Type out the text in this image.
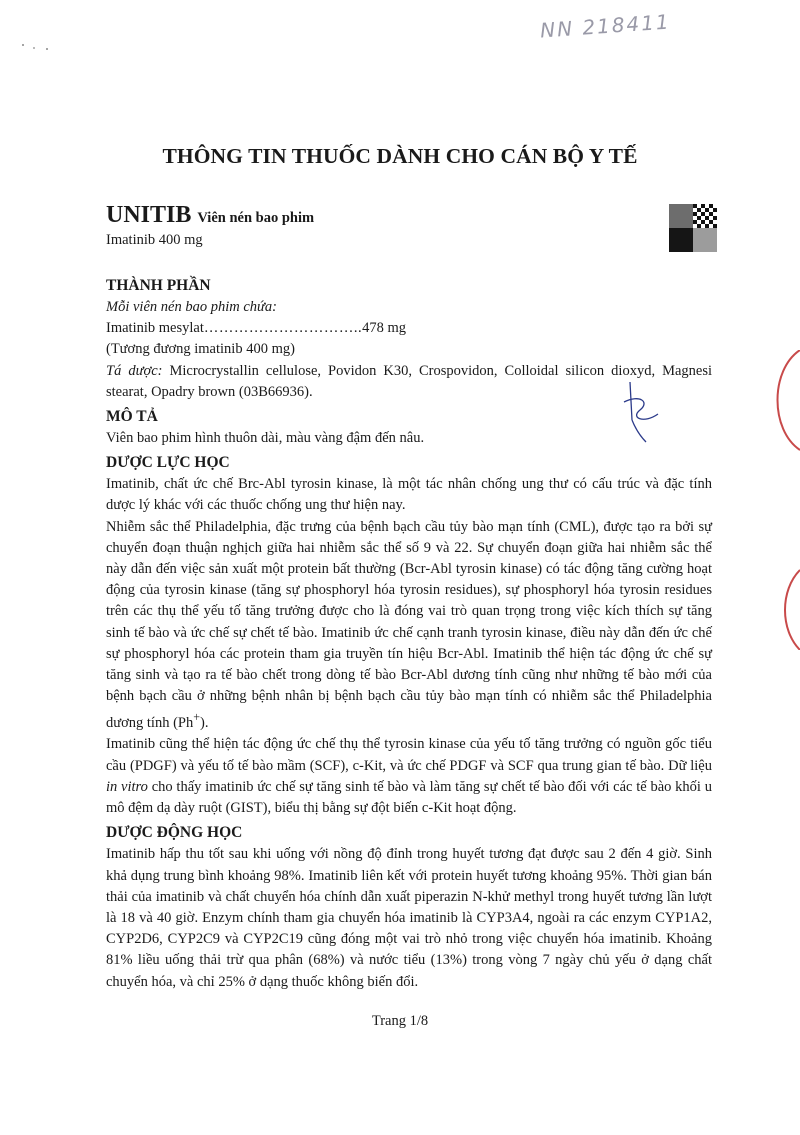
NN 218411
THÔNG TIN THUỐC DÀNH CHO CÁN BỘ Y TẾ
UNITIB Viên nén bao phim
Imatinib 400 mg
THÀNH PHẦN
Mỗi viên nén bao phim chứa:
Imatinib mesylat…………………………..478 mg
(Tương đương imatinib 400 mg)

Tá dược: Microcrystallin cellulose, Povidon K30, Crospovidon, Colloidal silicon dioxyd, Magnesi stearat, Opadry brown (03B66936).

MÔ TẢ

Viên bao phim hình thuôn dài, màu vàng đậm đến nâu.

DƯỢC LỰC HỌC

Imatinib, chất ức chế Brc-Abl tyrosin kinase, là một tác nhân chống ung thư có cấu trúc và đặc tính dược lý khác với các thuốc chống ung thư hiện nay.

Nhiễm sắc thể Philadelphia, đặc trưng của bệnh bạch cầu tủy bào mạn tính (CML), được tạo ra bởi sự chuyển đoạn thuận nghịch giữa hai nhiễm sắc thể số 9 và 22. Sự chuyển đoạn giữa hai nhiễm sắc thể này dẫn đến việc sản xuất một protein bất thường (Bcr-Abl tyrosin kinase) có tác động tăng cường hoạt động của tyrosin kinase (tăng sự phosphoryl hóa tyrosin residues), sự phosphoryl hóa tyrosin residues trên các thụ thể yếu tố tăng trưởng được cho là đóng vai trò quan trọng trong việc kích thích sự tăng sinh tế bào và ức chế sự chết tế bào. Imatinib ức chế cạnh tranh tyrosin kinase, điều này dẫn đến ức chế sự phosphoryl hóa các protein tham gia truyền tín hiệu Bcr-Abl. Imatinib thể hiện tác động ức chế sự tăng sinh và tạo ra tế bào chết trong dòng tế bào Bcr-Abl dương tính cũng như những tế bào mới của bệnh bạch cầu ở những bệnh nhân bị bệnh bạch cầu tủy bào mạn tính có nhiễm sắc thể Philadelphia dương tính (Ph+).

Imatinib cũng thể hiện tác động ức chế thụ thể tyrosin kinase của yếu tố tăng trưởng có nguồn gốc tiểu cầu (PDGF) và yếu tố tế bào mầm (SCF), c-Kit, và ức chế PDGF và SCF qua trung gian tế bào. Dữ liệu in vitro cho thấy imatinib ức chế sự tăng sinh tế bào và làm tăng sự chết tế bào đối với các tế bào khối u mô đệm dạ dày ruột (GIST), biểu thị bằng sự đột biến c-Kit hoạt động.

DƯỢC ĐỘNG HỌC

Imatinib hấp thu tốt sau khi uống với nồng độ đỉnh trong huyết tương đạt được sau 2 đến 4 giờ. Sinh khả dụng trung bình khoảng 98%. Imatinib liên kết với protein huyết tương khoảng 95%. Thời gian bán thải của imatinib và chất chuyển hóa chính dẫn xuất piperazin N-khử methyl trong huyết tương lần lượt là 18 và 40 giờ. Enzym chính tham gia chuyển hóa imatinib là CYP3A4, ngoài ra các enzym CYP1A2, CYP2D6, CYP2C9 và CYP2C19 cũng đóng một vai trò nhỏ trong việc chuyển hóa imatinib. Khoảng 81% liều uống thải trừ qua phân (68%) và nước tiểu (13%) trong vòng 7 ngày chủ yếu ở dạng chất chuyển hóa, và chỉ 25% ở dạng thuốc không biến đổi.

Trang 1/8
